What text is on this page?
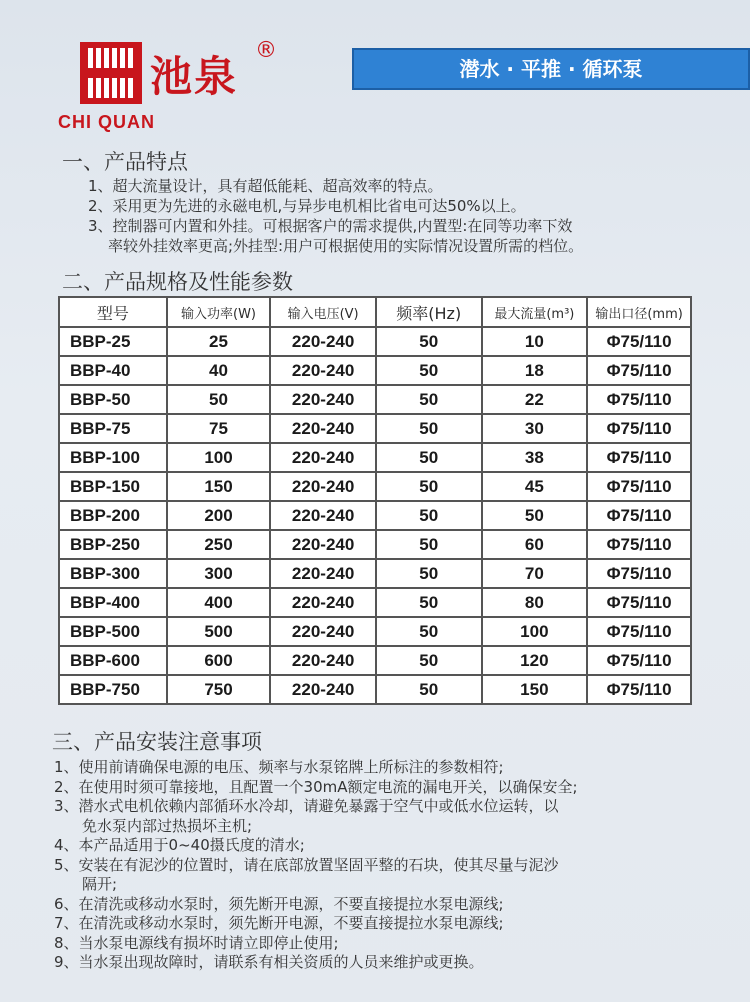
池泉
®
CHI QUAN
潜水 · 平推 · 循环泵
一、产品特点
1、超大流量设计，具有超低能耗、超高效率的特点。
2、采用更为先进的永磁电机,与异步电机相比省电可达50%以上。
3、控制器可内置和外挂。可根据客户的需求提供,内置型:在同等功率下效
率较外挂效率更高;外挂型:用户可根据使用的实际情况设置所需的档位。
二、产品规格及性能参数
型号	输入功率(W)	输入电压(V)	频率(Hz)	最大流量(m³)	输出口径(mm)
BBP-25	25	220-240	50	10	Φ75/110
BBP-40	40	220-240	50	18	Φ75/110
BBP-50	50	220-240	50	22	Φ75/110
BBP-75	75	220-240	50	30	Φ75/110
BBP-100	100	220-240	50	38	Φ75/110
BBP-150	150	220-240	50	45	Φ75/110
BBP-200	200	220-240	50	50	Φ75/110
BBP-250	250	220-240	50	60	Φ75/110
BBP-300	300	220-240	50	70	Φ75/110
BBP-400	400	220-240	50	80	Φ75/110
BBP-500	500	220-240	50	100	Φ75/110
BBP-600	600	220-240	50	120	Φ75/110
BBP-750	750	220-240	50	150	Φ75/110
三、产品安装注意事项
1、使用前请确保电源的电压、频率与水泵铭牌上所标注的参数相符;
2、在使用时须可靠接地，且配置一个30mA额定电流的漏电开关，以确保安全;
3、潜水式电机依赖内部循环水冷却，请避免暴露于空气中或低水位运转，以
免水泵内部过热损坏主机;
4、本产品适用于0~40摄氏度的清水;
5、安装在有泥沙的位置时，请在底部放置坚固平整的石块，使其尽量与泥沙
隔开;
6、在清洗或移动水泵时，须先断开电源，不要直接提拉水泵电源线;
7、在清洗或移动水泵时，须先断开电源，不要直接提拉水泵电源线;
8、当水泵电源线有损坏时请立即停止使用;
9、当水泵出现故障时，请联系有相关资质的人员来维护或更换。
